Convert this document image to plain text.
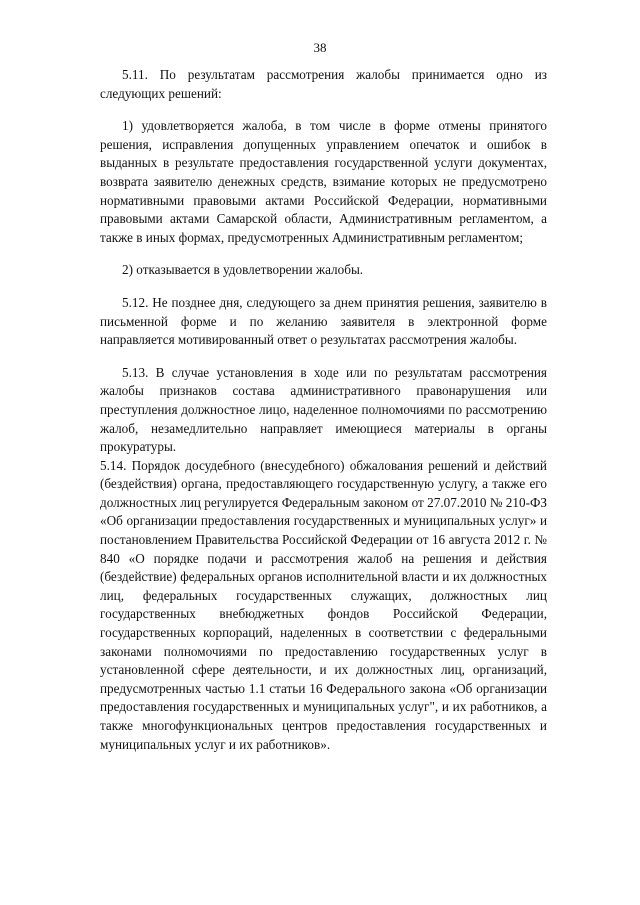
38

5.11. По результатам рассмотрения жалобы принимается одно из следующих решений:

1) удовлетворяется жалоба, в том числе в форме отмены принятого решения, исправления допущенных управлением опечаток и ошибок в выданных в результате предоставления государственной услуги документах, возврата заявителю денежных средств, взимание которых не предусмотрено нормативными правовыми актами Российской Федерации, нормативными правовыми актами Самарской области, Административным регламентом, а также в иных формах, предусмотренных Административным регламентом;

2) отказывается в удовлетворении жалобы.

5.12. Не позднее дня, следующего за днем принятия решения, заявителю в письменной форме и по желанию заявителя в электронной форме направляется мотивированный ответ о результатах рассмотрения жалобы.

5.13. В случае установления в ходе или по результатам рассмотрения жалобы признаков состава административного правонарушения или преступления должностное лицо, наделенное полномочиями по рассмотрению жалоб, незамедлительно направляет имеющиеся материалы в органы прокуратуры.

5.14. Порядок досудебного (внесудебного) обжалования решений и действий (бездействия) органа, предоставляющего государственную услугу, а также его должностных лиц регулируется Федеральным законом от 27.07.2010 № 210-ФЗ «Об организации предоставления государственных и муниципальных услуг» и постановлением Правительства Российской Федерации от 16 августа 2012 г. № 840 «О порядке подачи и рассмотрения жалоб на решения и действия (бездействие) федеральных органов исполнительной власти и их должностных лиц, федеральных государственных служащих, должностных лиц государственных внебюджетных фондов Российской Федерации, государственных корпораций, наделенных в соответствии с федеральными законами полномочиями по предоставлению государственных услуг в установленной сфере деятельности, и их должностных лиц, организаций, предусмотренных частью 1.1 статьи 16 Федерального закона «Об организации предоставления государственных и муниципальных услуг", и их работников, а также многофункциональных центров предоставления государственных и муниципальных услуг и их работников».
